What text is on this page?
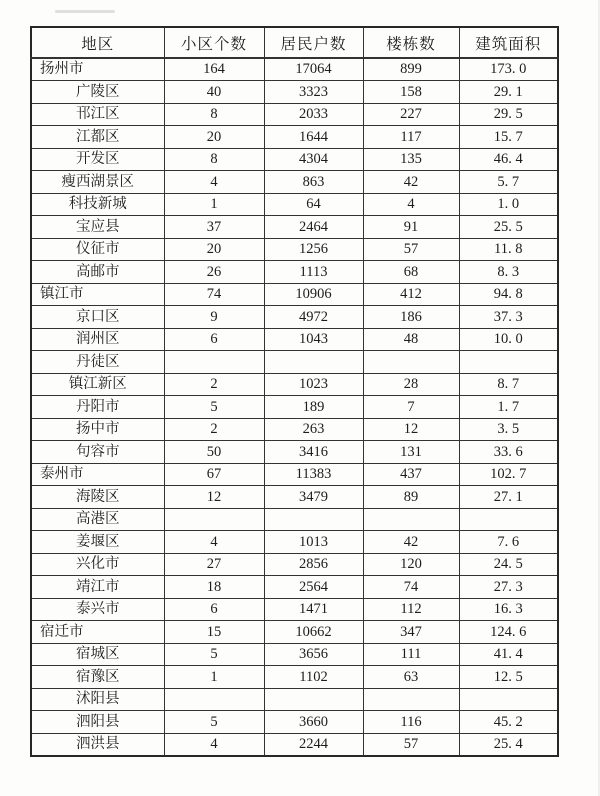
地区	小区个数	居民户数	楼栋数	建筑面积
扬州市	164	17064	899	173. 0
广陵区	40	3323	158	29. 1
邗江区	8	2033	227	29. 5
江都区	20	1644	117	15. 7
开发区	8	4304	135	46. 4
瘦西湖景区	4	863	42	5. 7
科技新城	1	64	4	1. 0
宝应县	37	2464	91	25. 5
仪征市	20	1256	57	11. 8
高邮市	26	1113	68	8. 3
镇江市	74	10906	412	94. 8
京口区	9	4972	186	37. 3
润州区	6	1043	48	10. 0
丹徒区				
镇江新区	2	1023	28	8. 7
丹阳市	5	189	7	1. 7
扬中市	2	263	12	3. 5
句容市	50	3416	131	33. 6
泰州市	67	11383	437	102. 7
海陵区	12	3479	89	27. 1
高港区				
姜堰区	4	1013	42	7. 6
兴化市	27	2856	120	24. 5
靖江市	18	2564	74	27. 3
泰兴市	6	1471	112	16. 3
宿迁市	15	10662	347	124. 6
宿城区	5	3656	111	41. 4
宿豫区	1	1102	63	12. 5
沭阳县				
泗阳县	5	3660	116	45. 2
泗洪县	4	2244	57	25. 4
